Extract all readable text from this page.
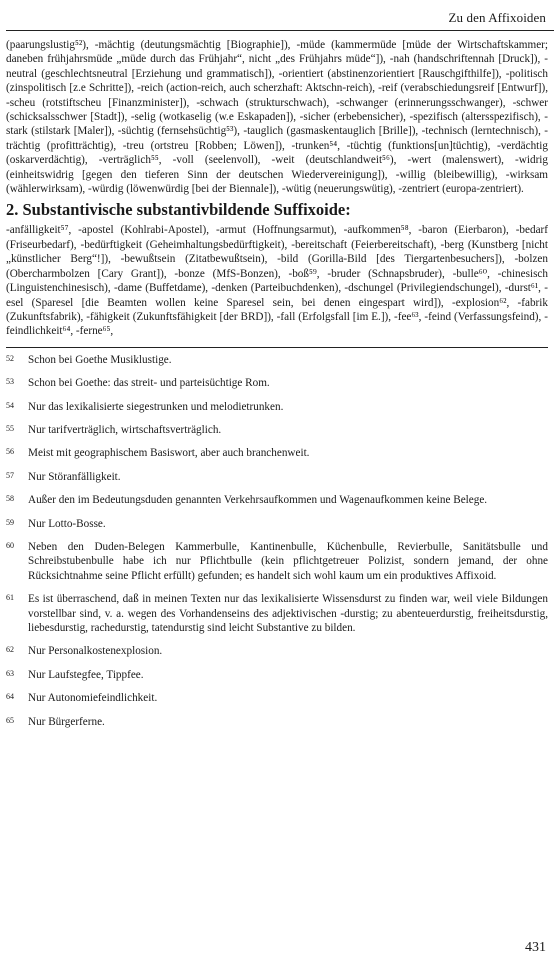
Zu den Affixoiden

(paarungslustig⁵²), -mächtig (deutungsmächtig [Biographie]), -müde (kammermüde [müde der Wirtschaftskammer; daneben frühjahrsmüde „müde durch das Frühjahr“, nicht „des Frühjahrs müde“]), -nah (handschriftennah [Druck]), -neutral (geschlechtsneutral [Erziehung und grammatisch]), -orientiert (abstinenzorientiert [Rauschgifthilfe]), -politisch (zinspolitisch [z.e Schritte]), -reich (action-reich, auch scherzhaft: Aktschn-reich), -reif (verabschiedungsreif [Entwurf]), -scheu (rotstiftscheu [Finanzminister]), -schwach (strukturschwach), -schwanger (erinnerungsschwanger), -schwer (schicksalsschwer [Stadt]), -selig (wotkaselig (w.e Eskapaden]), -sicher (erbebensicher), -spezifisch (altersspezifisch), -stark (stilstark [Maler]), -süchtig (fernsehsüchtig⁵³), -tauglich (gasmaskentauglich [Brille]), -technisch (lerntechnisch), -trächtig (profitträchtig), -treu (ortstreu [Robben; Löwen]), -trunken⁵⁴, -tüchtig (funktions[un]tüchtig), -verdächtig (oskarverdächtig), -verträglich⁵⁵, -voll (seelenvoll), -weit (deutschlandweit⁵⁶), -wert (malenswert), -widrig (einheitswidrig [gegen den tieferen Sinn der deutschen Wiedervereinigung]), -willig (bleibewillig), -wirksam (wählerwirksam), -würdig (löwenwürdig [bei der Biennale]), -wütig (neuerungswütig), -zentriert (europa-zentriert).

2. Substantivische substantivbildende Suffixoide:

-anfälligkeit⁵⁷, -apostel (Kohlrabi-Apostel), -armut (Hoffnungsarmut), -aufkommen⁵⁸, -baron (Eierbaron), -bedarf (Friseurbedarf), -bedürftigkeit (Geheimhaltungsbedürftigkeit), -bereitschaft (Feierbereitschaft), -berg (Kunstberg [nicht „künstlicher Berg“!]), -bewußtsein (Zitatbewußtsein), -bild (Gorilla-Bild [des Tiergartenbesuchers]), -bolzen (Obercharmbolzen [Cary Grant]), -bonze (MfS-Bonzen), -boß⁵⁹, -bruder (Schnapsbruder), -bulle⁶⁰, -chinesisch (Linguistenchinesisch), -dame (Buffetdame), -denken (Parteibuchdenken), -dschungel (Privilegiendschungel), -durst⁶¹, -esel (Sparesel [die Beamten wollen keine Sparesel sein, bei denen eingespart wird]), -explosion⁶², -fabrik (Zukunftsfabrik), -fähigkeit (Zukunftsfähigkeit [der BRD]), -fall (Erfolgsfall [im E.]), -fee⁶³, -feind (Verfassungsfeind), -feindlichkeit⁶⁴, -ferne⁶⁵,

52	Schon bei Goethe Musiklustige.
53	Schon bei Goethe: das streit- und parteisüchtige Rom.
54	Nur das lexikalisierte siegestrunken und melodietrunken.
55	Nur tarifverträglich, wirtschaftsverträglich.
56	Meist mit geographischem Basiswort, aber auch branchenweit.
57	Nur Störanfälligkeit.
58	Außer den im Bedeutungsduden genannten Verkehrsaufkommen und Wagenaufkommen keine Belege.
59	Nur Lotto-Bosse.
60	Neben den Duden-Belegen Kammerbulle, Kantinenbulle, Küchenbulle, Revierbulle, Sanitätsbulle und Schreibstubenbulle habe ich nur Pflichtbulle (kein pflichtgetreuer Polizist, sondern jemand, der ohne Rücksichtnahme seine Pflicht erfüllt) gefunden; es handelt sich wohl kaum um ein produktives Affixoid.
61	Es ist überraschend, daß in meinen Texten nur das lexikalisierte Wissensdurst zu finden war, weil viele Bildungen vorstellbar sind, v. a. wegen des Vorhandenseins des adjektivischen -durstig; zu abenteuerdurstig, freiheitsdurstig, liebesdurstig, rachedurstig, tatendurstig sind leicht Substantive zu bilden.
62	Nur Personalkostenexplosion.
63	Nur Laufstegfee, Tippfee.
64	Nur Autonomiefeindlichkeit.
65	Nur Bürgerferne.
431
